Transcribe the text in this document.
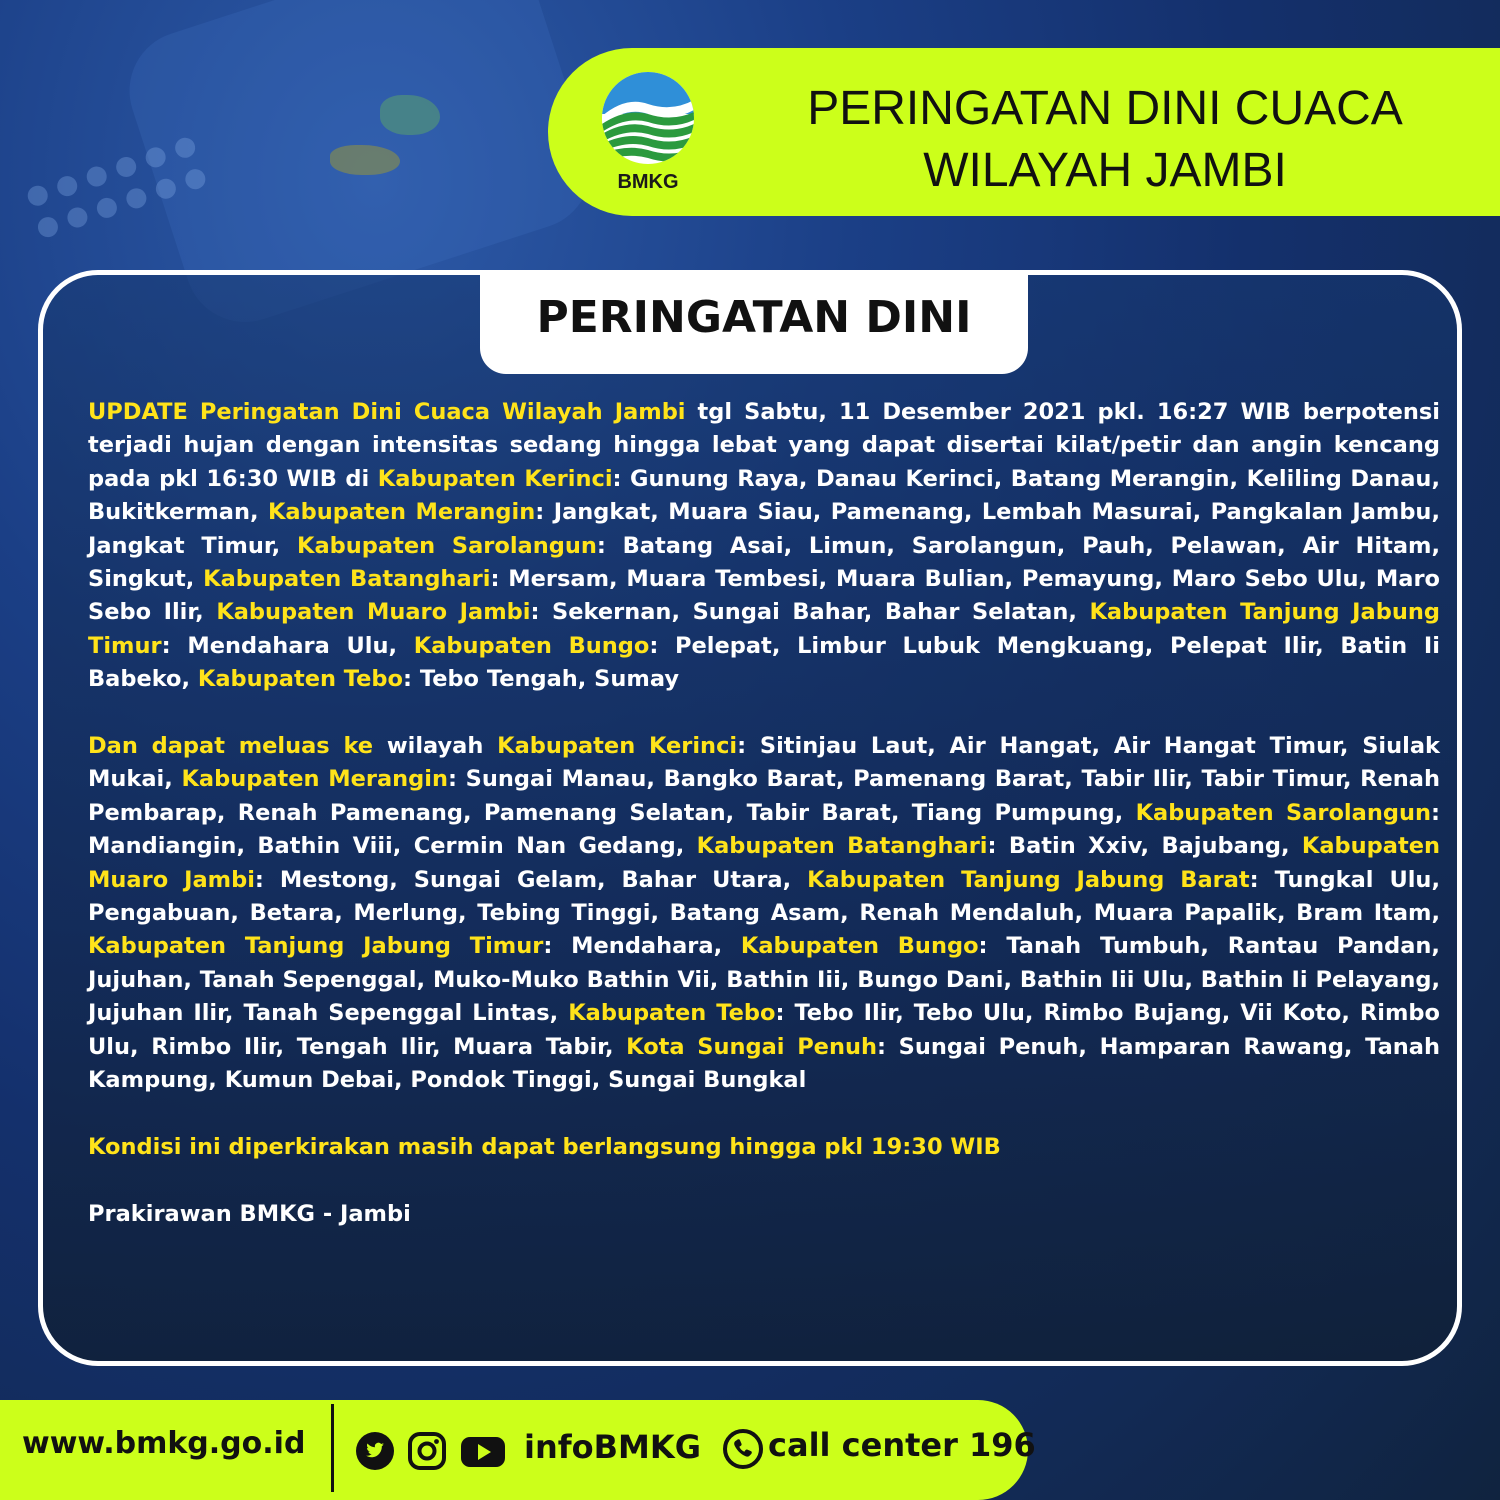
BMKG
PERINGATAN DINI CUACA
WILAYAH JAMBI
PERINGATAN DINI

UPDATE Peringatan Dini Cuaca Wilayah Jambi tgl Sabtu, 11 Desember 2021 pkl. 16:27 WIB berpotensi terjadi hujan dengan intensitas sedang hingga lebat yang dapat disertai kilat/petir dan angin kencang pada pkl 16:30 WIB di Kabupaten Kerinci: Gunung Raya, Danau Kerinci, Batang Merangin, Keliling Danau, Bukitkerman, Kabupaten Merangin: Jangkat, Muara Siau, Pamenang, Lembah Masurai, Pangkalan Jambu, Jangkat Timur, Kabupaten Sarolangun: Batang Asai, Limun, Sarolangun, Pauh, Pelawan, Air Hitam, Singkut, Kabupaten Batanghari: Mersam, Muara Tembesi, Muara Bulian, Pemayung, Maro Sebo Ulu, Maro Sebo Ilir, Kabupaten Muaro Jambi: Sekernan, Sungai Bahar, Bahar Selatan, Kabupaten Tanjung Jabung Timur: Mendahara Ulu, Kabupaten Bungo: Pelepat, Limbur Lubuk Mengkuang, Pelepat Ilir, Batin Ii Babeko, Kabupaten Tebo: Tebo Tengah, Sumay

Dan dapat meluas ke wilayah Kabupaten Kerinci: Sitinjau Laut, Air Hangat, Air Hangat Timur, Siulak Mukai, Kabupaten Merangin: Sungai Manau, Bangko Barat, Pamenang Barat, Tabir Ilir, Tabir Timur, Renah Pembarap, Renah Pamenang, Pamenang Selatan, Tabir Barat, Tiang Pumpung, Kabupaten Sarolangun: Mandiangin, Bathin Viii, Cermin Nan Gedang, Kabupaten Batanghari: Batin Xxiv, Bajubang, Kabupaten Muaro Jambi: Mestong, Sungai Gelam, Bahar Utara, Kabupaten Tanjung Jabung Barat: Tungkal Ulu, Pengabuan, Betara, Merlung, Tebing Tinggi, Batang Asam, Renah Mendaluh, Muara Papalik, Bram Itam, Kabupaten Tanjung Jabung Timur: Mendahara, Kabupaten Bungo: Tanah Tumbuh, Rantau Pandan, Jujuhan, Tanah Sepenggal, Muko-Muko Bathin Vii, Bathin Iii, Bungo Dani, Bathin Iii Ulu, Bathin Ii Pelayang, Jujuhan Ilir, Tanah Sepenggal Lintas, Kabupaten Tebo: Tebo Ilir, Tebo Ulu, Rimbo Bujang, Vii Koto, Rimbo Ulu, Rimbo Ilir, Tengah Ilir, Muara Tabir, Kota Sungai Penuh: Sungai Penuh, Hamparan Rawang, Tanah Kampung, Kumun Debai, Pondok Tinggi, Sungai Bungkal

Kondisi ini diperkirakan masih dapat berlangsung hingga pkl 19:30 WIB

Prakirawan BMKG - Jambi

www.bmkg.go.id	infoBMKG call center 196
